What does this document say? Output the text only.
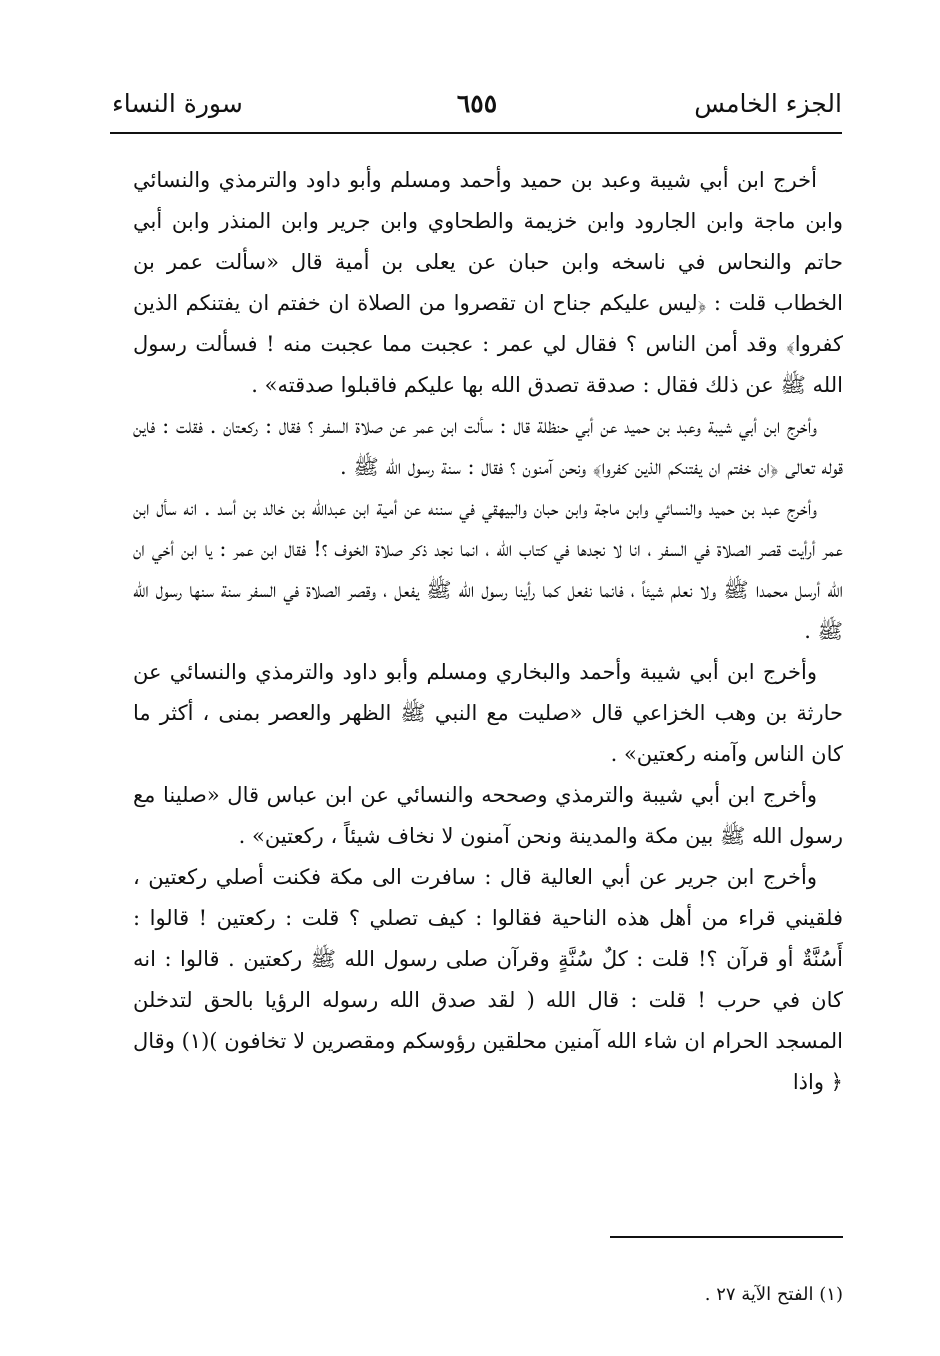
الجزء الخامس
٦٥٥
سورة النساء

أخرج ابن أبي شيبة وعبد بن حميد وأحمد ومسلم وأبو داود والترمذي والنسائي وابن ماجة وابن الجارود وابن خزيمة والطحاوي وابن جرير وابن المنذر وابن أبي حاتم والنحاس في ناسخه وابن حبان عن يعلى بن أمية قال «سألت عمر بن الخطاب قلت : ﴿ليس عليكم جناح ان تقصروا من الصلاة ان خفتم ان يفتنكم الذين كفروا﴾ وقد أمن الناس ؟ فقال لي عمر : عجبت مما عجبت منه ! فسألت رسول الله ﷺ عن ذلك فقال : صدقة تصدق الله بها عليكم فاقبلوا صدقته» .

وأخرج ابن أبي شيبة وعبد بن حميد عن أبي حنظلة قال : سألت ابن عمر عن صلاة السفر ؟ فقال : ركعتان . فقلت : فاين قوله تعالى ﴿ان خفتم ان يفتنكم الذين كفروا﴾ ونحن آمنون ؟ فقال : سنة رسول الله ﷺ .

وأخرج عبد بن حميد والنسائي وابن ماجة وابن حبان والبيهقي في سننه عن أمية ابن عبدالله بن خالد بن أسد . انه سأل ابن عمر أرأيت قصر الصلاة في السفر ، انا لا نجدها في كتاب الله ، انما نجد ذكر صلاة الخوف ؟! فقال ابن عمر : يا ابن أخي ان الله أرسل محمدا ﷺ ولا نعلم شيئاً ، فانما نفعل كما رأينا رسول الله ﷺ يفعل ، وقصر الصلاة في السفر سنة سنها رسول الله ﷺ .

وأخرج ابن أبي شيبة وأحمد والبخاري ومسلم وأبو داود والترمذي والنسائي عن حارثة بن وهب الخزاعي قال «صليت مع النبي ﷺ الظهر والعصر بمنى ، أكثر ما كان الناس وآمنه ركعتين» .

وأخرج ابن أبي شيبة والترمذي وصححه والنسائي عن ابن عباس قال «صلينا مع رسول الله ﷺ بين مكة والمدينة ونحن آمنون لا نخاف شيئاً ، ركعتين» .

وأخرج ابن جرير عن أبي العالية قال : سافرت الى مكة فكنت أصلي ركعتين ، فلقيني قراء من أهل هذه الناحية فقالوا : كيف تصلي ؟ قلت : ركعتين ! قالوا : أَسُنَّةٌ أو قرآن ؟! قلت : كلٌ سُنَّةٍ وقرآن صلى رسول الله ﷺ ركعتين . قالوا : انه كان في حرب ! قلت : قال الله ( لقد صدق الله رسوله الرؤيا بالحق لتدخلن المسجد الحرام ان شاء الله آمنين محلقين رؤوسكم ومقصرين لا تخافون )(١) وقال ﴿ واذا

(١) الفتح الآية ٢٧ .
